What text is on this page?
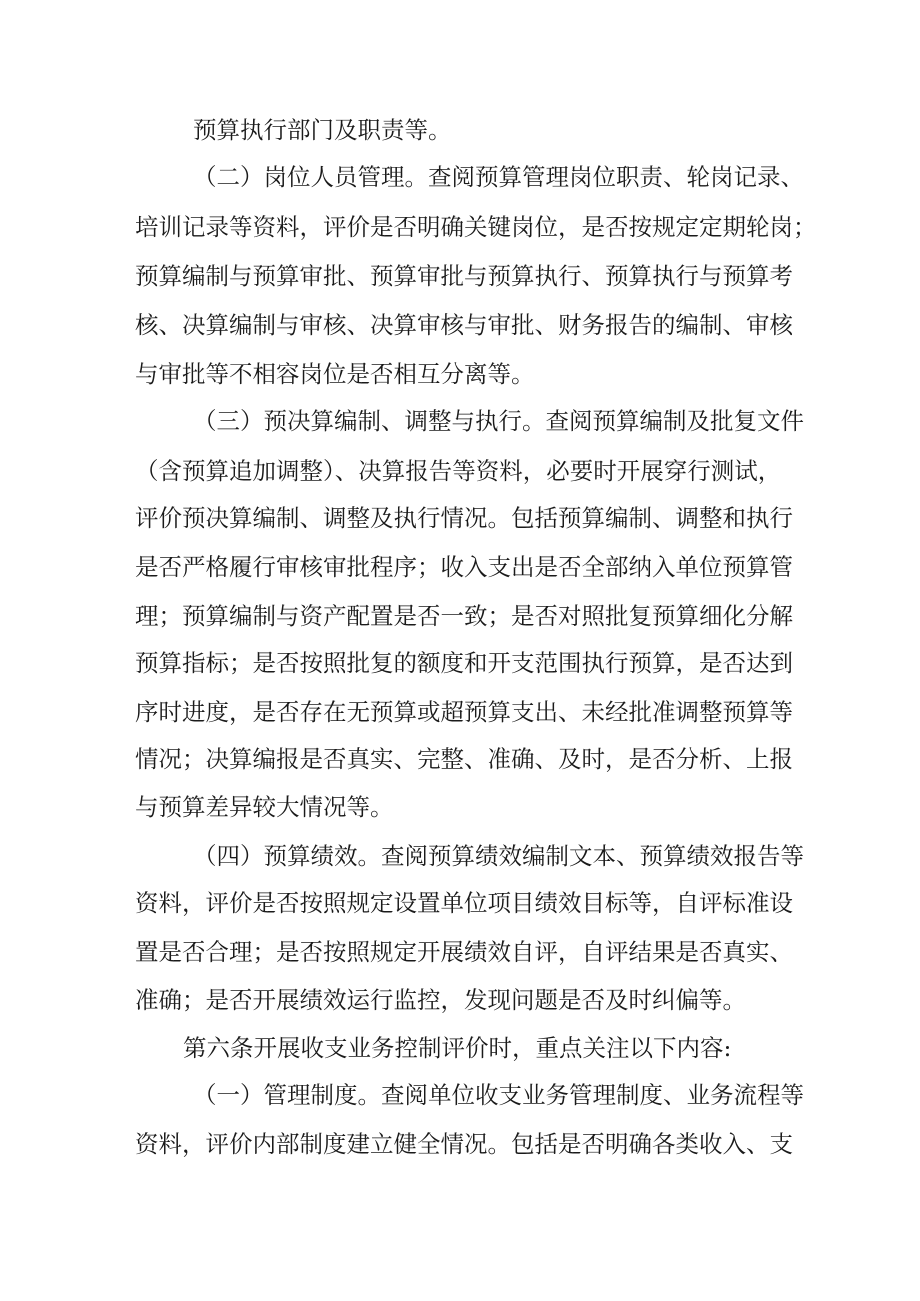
预算执行部门及职责等。
（二）岗位人员管理。查阅预算管理岗位职责、轮岗记录、
培训记录等资料，评价是否明确关键岗位，是否按规定定期轮岗；
预算编制与预算审批、预算审批与预算执行、预算执行与预算考
核、决算编制与审核、决算审核与审批、财务报告的编制、审核
与审批等不相容岗位是否相互分离等。
（三）预决算编制、调整与执行。查阅预算编制及批复文件
（含预算追加调整）、决算报告等资料，必要时开展穿行测试，
评价预决算编制、调整及执行情况。包括预算编制、调整和执行
是否严格履行审核审批程序；收入支出是否全部纳入单位预算管
理；预算编制与资产配置是否一致；是否对照批复预算细化分解
预算指标；是否按照批复的额度和开支范围执行预算，是否达到
序时进度，是否存在无预算或超预算支出、未经批准调整预算等
情况；决算编报是否真实、完整、准确、及时，是否分析、上报
与预算差异较大情况等。
（四）预算绩效。查阅预算绩效编制文本、预算绩效报告等
资料，评价是否按照规定设置单位项目绩效目标等，自评标准设
置是否合理；是否按照规定开展绩效自评，自评结果是否真实、
准确；是否开展绩效运行监控，发现问题是否及时纠偏等。
第六条开展收支业务控制评价时，重点关注以下内容:
（一）管理制度。查阅单位收支业务管理制度、业务流程等
资料，评价内部制度建立健全情况。包括是否明确各类收入、支
